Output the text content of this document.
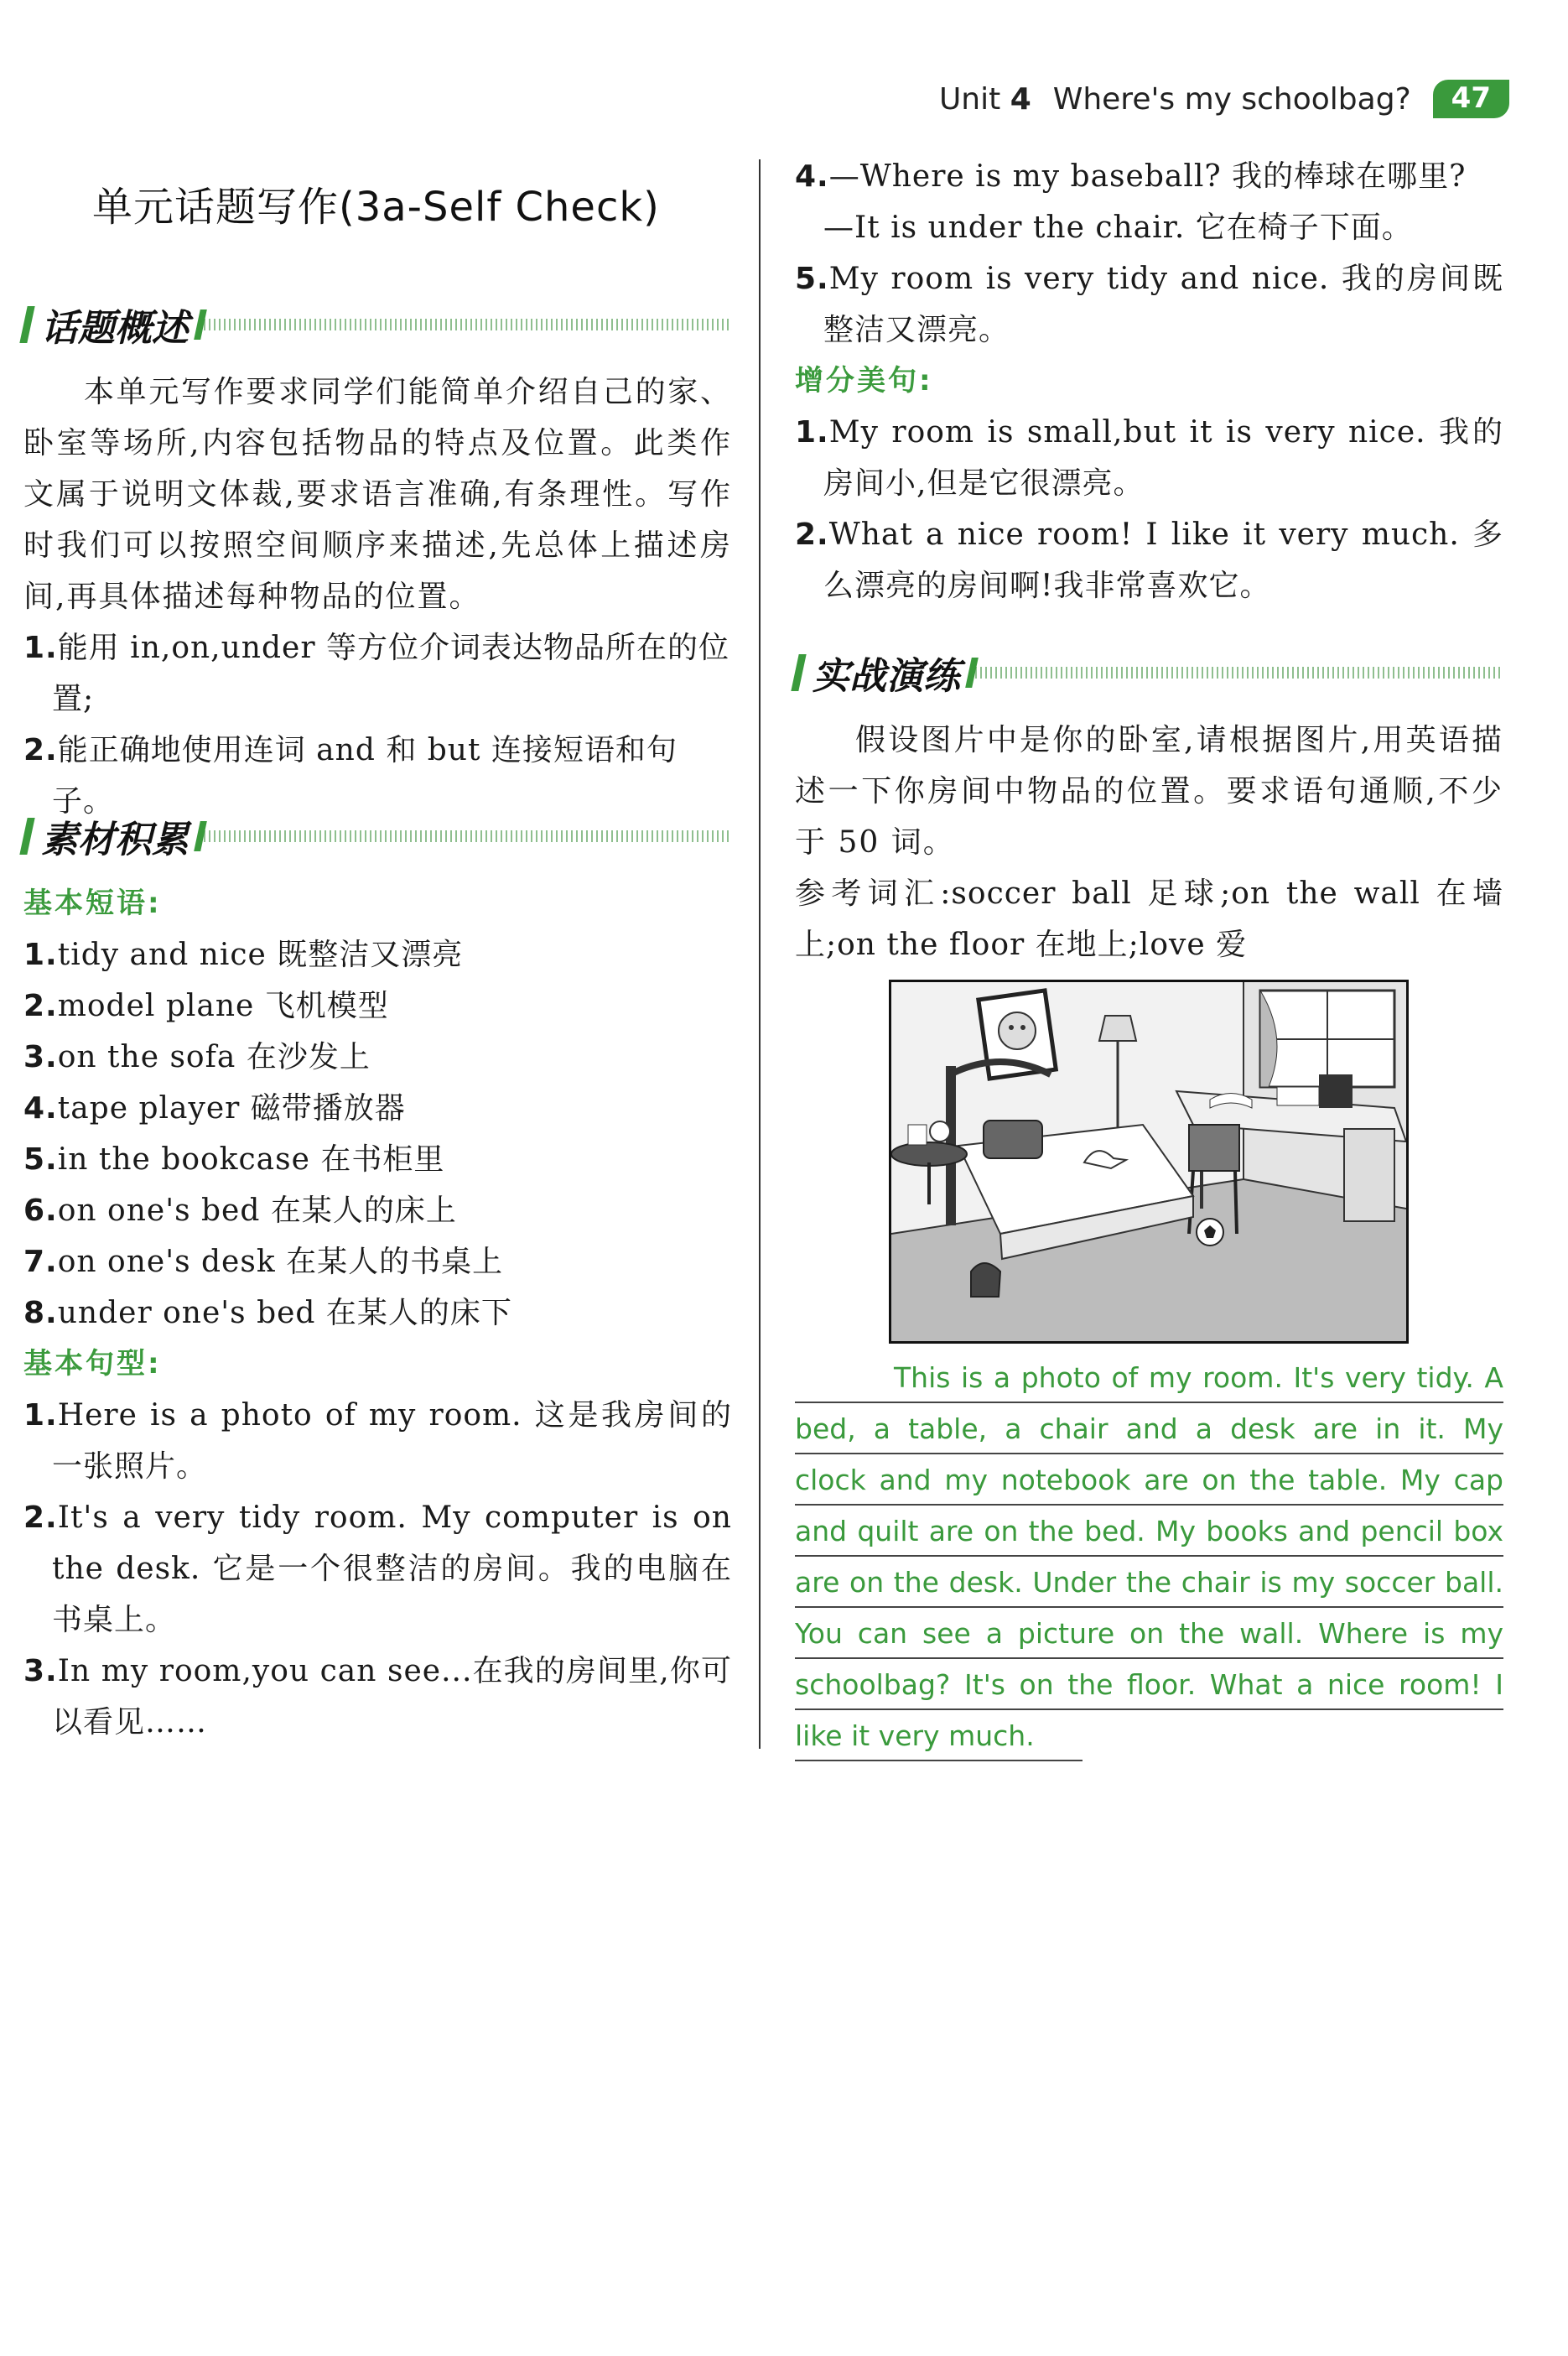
Unit 4 Where's my schoolbag?	47
单元话题写作(3a-Self Check)
话题概述

本单元写作要求同学们能简单介绍自己的家、卧室等场所,内容包括物品的特点及位置。此类作文属于说明文体裁,要求语言准确,有条理性。写作时我们可以按照空间顺序来描述,先总体上描述房间,再具体描述每种物品的位置。

1.能用 in,on,under 等方位介词表达物品所在的位置;

2.能正确地使用连词 and 和 but 连接短语和句子。

素材积累

基本短语:

1.tidy and nice 既整洁又漂亮

2.model plane 飞机模型

3.on the sofa 在沙发上

4.tape player 磁带播放器

5.in the bookcase 在书柜里

6.on one's bed 在某人的床上

7.on one's desk 在某人的书桌上

8.under one's bed 在某人的床下

基本句型:

1.Here is a photo of my room. 这是我房间的一张照片。

2.It's a very tidy room. My computer is on the desk. 它是一个很整洁的房间。我的电脑在书桌上。

3.In my room,you can see...在我的房间里,你可以看见……

4.—Where is my baseball? 我的棒球在哪里?

—It is under the chair. 它在椅子下面。

5.My room is very tidy and nice. 我的房间既整洁又漂亮。

增分美句:

1.My room is small,but it is very nice. 我的房间小,但是它很漂亮。

2.What a nice room! I like it very much. 多么漂亮的房间啊!我非常喜欢它。

实战演练

假设图片中是你的卧室,请根据图片,用英语描述一下你房间中物品的位置。要求语句通顺,不少于 50 词。

参考词汇:soccer ball 足球;on the wall 在墙上;on the floor 在地上;love 爱

This is a photo of my room. It's very tidy. A
bed, a table, a chair and a desk are in it. My
clock and my notebook are on the table. My cap
and quilt are on the bed. My books and pencil box
are on the desk. Under the chair is my soccer ball.
You can see a picture on the wall. Where is my
schoolbag? It's on the floor. What a nice room! I
like it very much.
